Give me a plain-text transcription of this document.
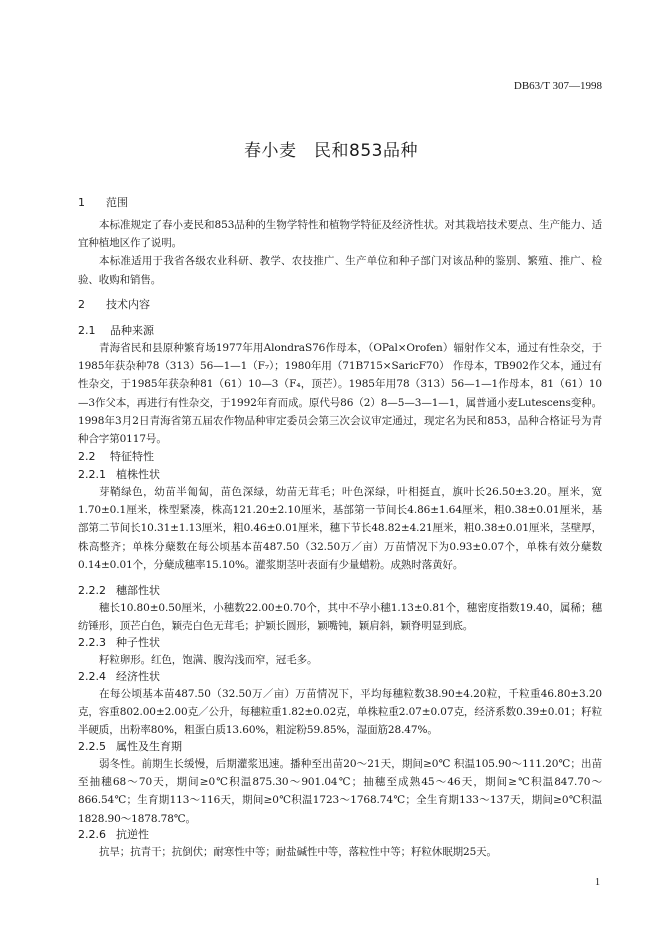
DB63/T 307—1998
春小麦　民和853品种
1 范围

本标准规定了春小麦民和853品种的生物学特性和植物学特征及经济性状。对其栽培技术要点、生产能力、适宜种植地区作了说明。

本标准适用于我省各级农业科研、教学、农技推广、生产单位和种子部门对该品种的鉴别、繁殖、推广、检验、收购和销售。

2 技术内容
2.1 品种来源

青海省民和县原种繁育场1977年用AlondraS76作母本，（OPal×Orofen）辐射作父本，通过有性杂交，于1985年获杂种78（313）56—1—1（F₇）；1980年用（71B715×SaricF70） 作母本，TB902作父本，通过有性杂交，于1985年获杂种81（61）10—3（F₄，顶芒）。1985年用78（313）56—1—1作母本，81（61）10—3作父本，再进行有性杂交，于1992年育而成。原代号86（2）8—5—3—1—1，属普通小麦Lutescens变种。1998年3月2日青海省第五届农作物品种审定委员会第三次会议审定通过，现定名为民和853，品种合格证号为青种合字第0117号。

2.2 特征特性
2.2.1 植株性状

芽鞘绿色，幼苗半匍匐，苗色深绿，幼苗无茸毛；叶色深绿，叶相挺直，旗叶长26.50±3.20。厘米，宽1.70±0.1厘米，株型紧凑，株高121.20±2.10厘米，基部第一节间长4.86±1.64厘米，粗0.38±0.01厘米，基部第二节间长10.31±1.13厘米，粗0.46±0.01厘米，穗下节长48.82±4.21厘米，粗0.38±0.01厘米，茎壁厚，株高整齐；单株分蘖数在每公顷基本苗487.50（32.50万／亩）万苗情况下为0.93±0.07个，单株有效分蘖数0.14±0.01个，分蘖成穗率15.10%。灌浆期茎叶表面有少量蜡粉。成熟时落黄好。

2.2.2 穗部性状

穗长10.80±0.50厘米，小穗数22.00±0.70个，其中不孕小穗1.13±0.81个，穗密度指数19.40，属稀；穗纺锤形，顶芒白色，颖壳白色无茸毛；护颖长圆形，颖嘴钝，颖肩斜，颖脊明显到底。

2.2.3 种子性状

籽粒卵形。红色，饱满、腹沟浅而窄，冠毛多。

2.2.4 经济性状

在每公顷基本苗487.50（32.50万／亩）万苗情况下，平均每穗粒数38.90±4.20粒，千粒重46.80±3.20克，容重802.00±2.00克／公升，每穗粒重1.82±0.02克，单株粒重2.07±0.07克，经济系数0.39±0.01；籽粒半硬质，出粉率80%，粗蛋白质13.60%，粗淀粉59.85%，湿面筋28.47%。

2.2.5 属性及生育期

弱冬性。前期生长缓慢，后期灌浆迅速。播种至出苗20～21天，期间≥0℃ 积温105.90～111.20℃；出苗至抽穗68～70天，期间≥0℃积温875.30～901.04℃；抽穗至成熟45～46天，期间≥℃积温847.70～866.54℃；生育期113～116天，期间≥0℃积温1723～1768.74℃；全生育期133～137天，期间≥0℃积温1828.90～1878.78℃。

2.2.6 抗逆性

抗旱；抗青干；抗倒伏；耐寒性中等；耐盐碱性中等，落粒性中等；籽粒休眠期25天。

1
